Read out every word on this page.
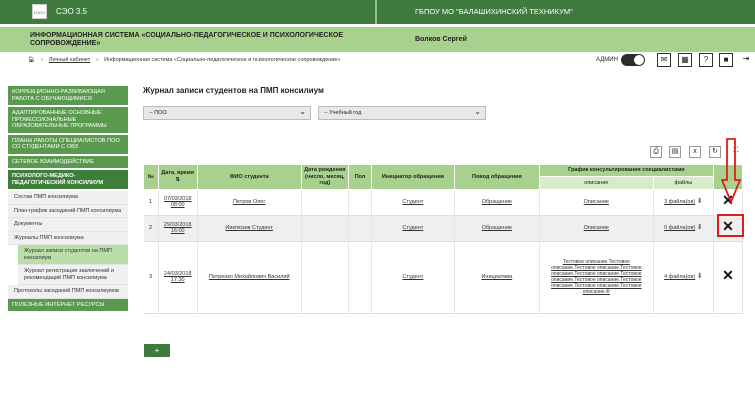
LOGO СЭО 3.5	ГБПОУ МО "БАЛАШИХИНСКИЙ ТЕХНИКУМ"
ИНФОРМАЦИОННАЯ СИСТЕМА «СОЦИАЛЬНО-ПЕДАГОГИЧЕСКОЕ И ПСИХОЛОГИЧЕСКОЕ СОПРОВОЖДЕНИЕ»
Волков Сергей
🏠︎ › Личный кабинет › Информационная система «Социально-педагогическое и психологическое сопровождение»	АДМИН	✉	▦	?	■	⇥
КОРРЕКЦИОННО-РАЗВИВАЮЩАЯ РАБОТА С ОБУЧАЮЩИМИСЯ
АДАПТИРОВАННЫЕ ОСНОВНЫЕ ПРОФЕССИОНАЛЬНЫЕ ОБРАЗОВАТЕЛЬНЫЕ ПРОГРАММЫ
ПЛАНЫ РАБОТЫ СПЕЦИАЛИСТОВ ПОО СО СТУДЕНТАМИ С ОВЗ
СЕТЕВОЕ ВЗАИМОДЕЙСТВИЕ
ПСИХОЛОГО-МЕДИКО-ПЕДАГОГИЧЕСКИЙ КОНСИЛИУМ
Состав ПМП консилиума
План-график заседаний ПМП консилиума
Документы
Журналы ПМП консилиума
Журнал записи студентов на ПМП консилиум
Журнал регистрации заключений и рекомендаций ПМП консилиума
Протоколы заседаний ПМП консилиумов
ПОЛЕЗНЫЕ ИНТЕРНЕТ РЕСУРСЫ
Журнал записи студентов на ПМП консилиум
-- ПОО	⌄	-- Учебный год	⌄
⎙	▤	x	↻	⛶
№	Дата, время ⇅	ФИО студента	Дата рождения (число, месяц, год)	Пол	Инициатор обращения	Повод обращения	График консультирования специалистами		
							описание	файлы	
1	07/03/2018
08:00	Петров Олег			Студент	Обращение	Описание	3 файла(ов) ⬇	✕
2	29/03/2018
16:00	Иикпюзив Студент			Студент	Обращение	Описание	0 файла(ов) ⬇	✕
3	24/03/2018
17:30	Петренко Михайлович Василий			Студент	Инициатива	Тестовое описание.Тестовое описание.Тестовое описание.Тестовое описание.Тестовое описание.Тестовое описание.Тестовое описание.Тестовое описание.Тестовое описание.Тестовое описание.Ф	4 файла(ов) ⬇	✕
+
